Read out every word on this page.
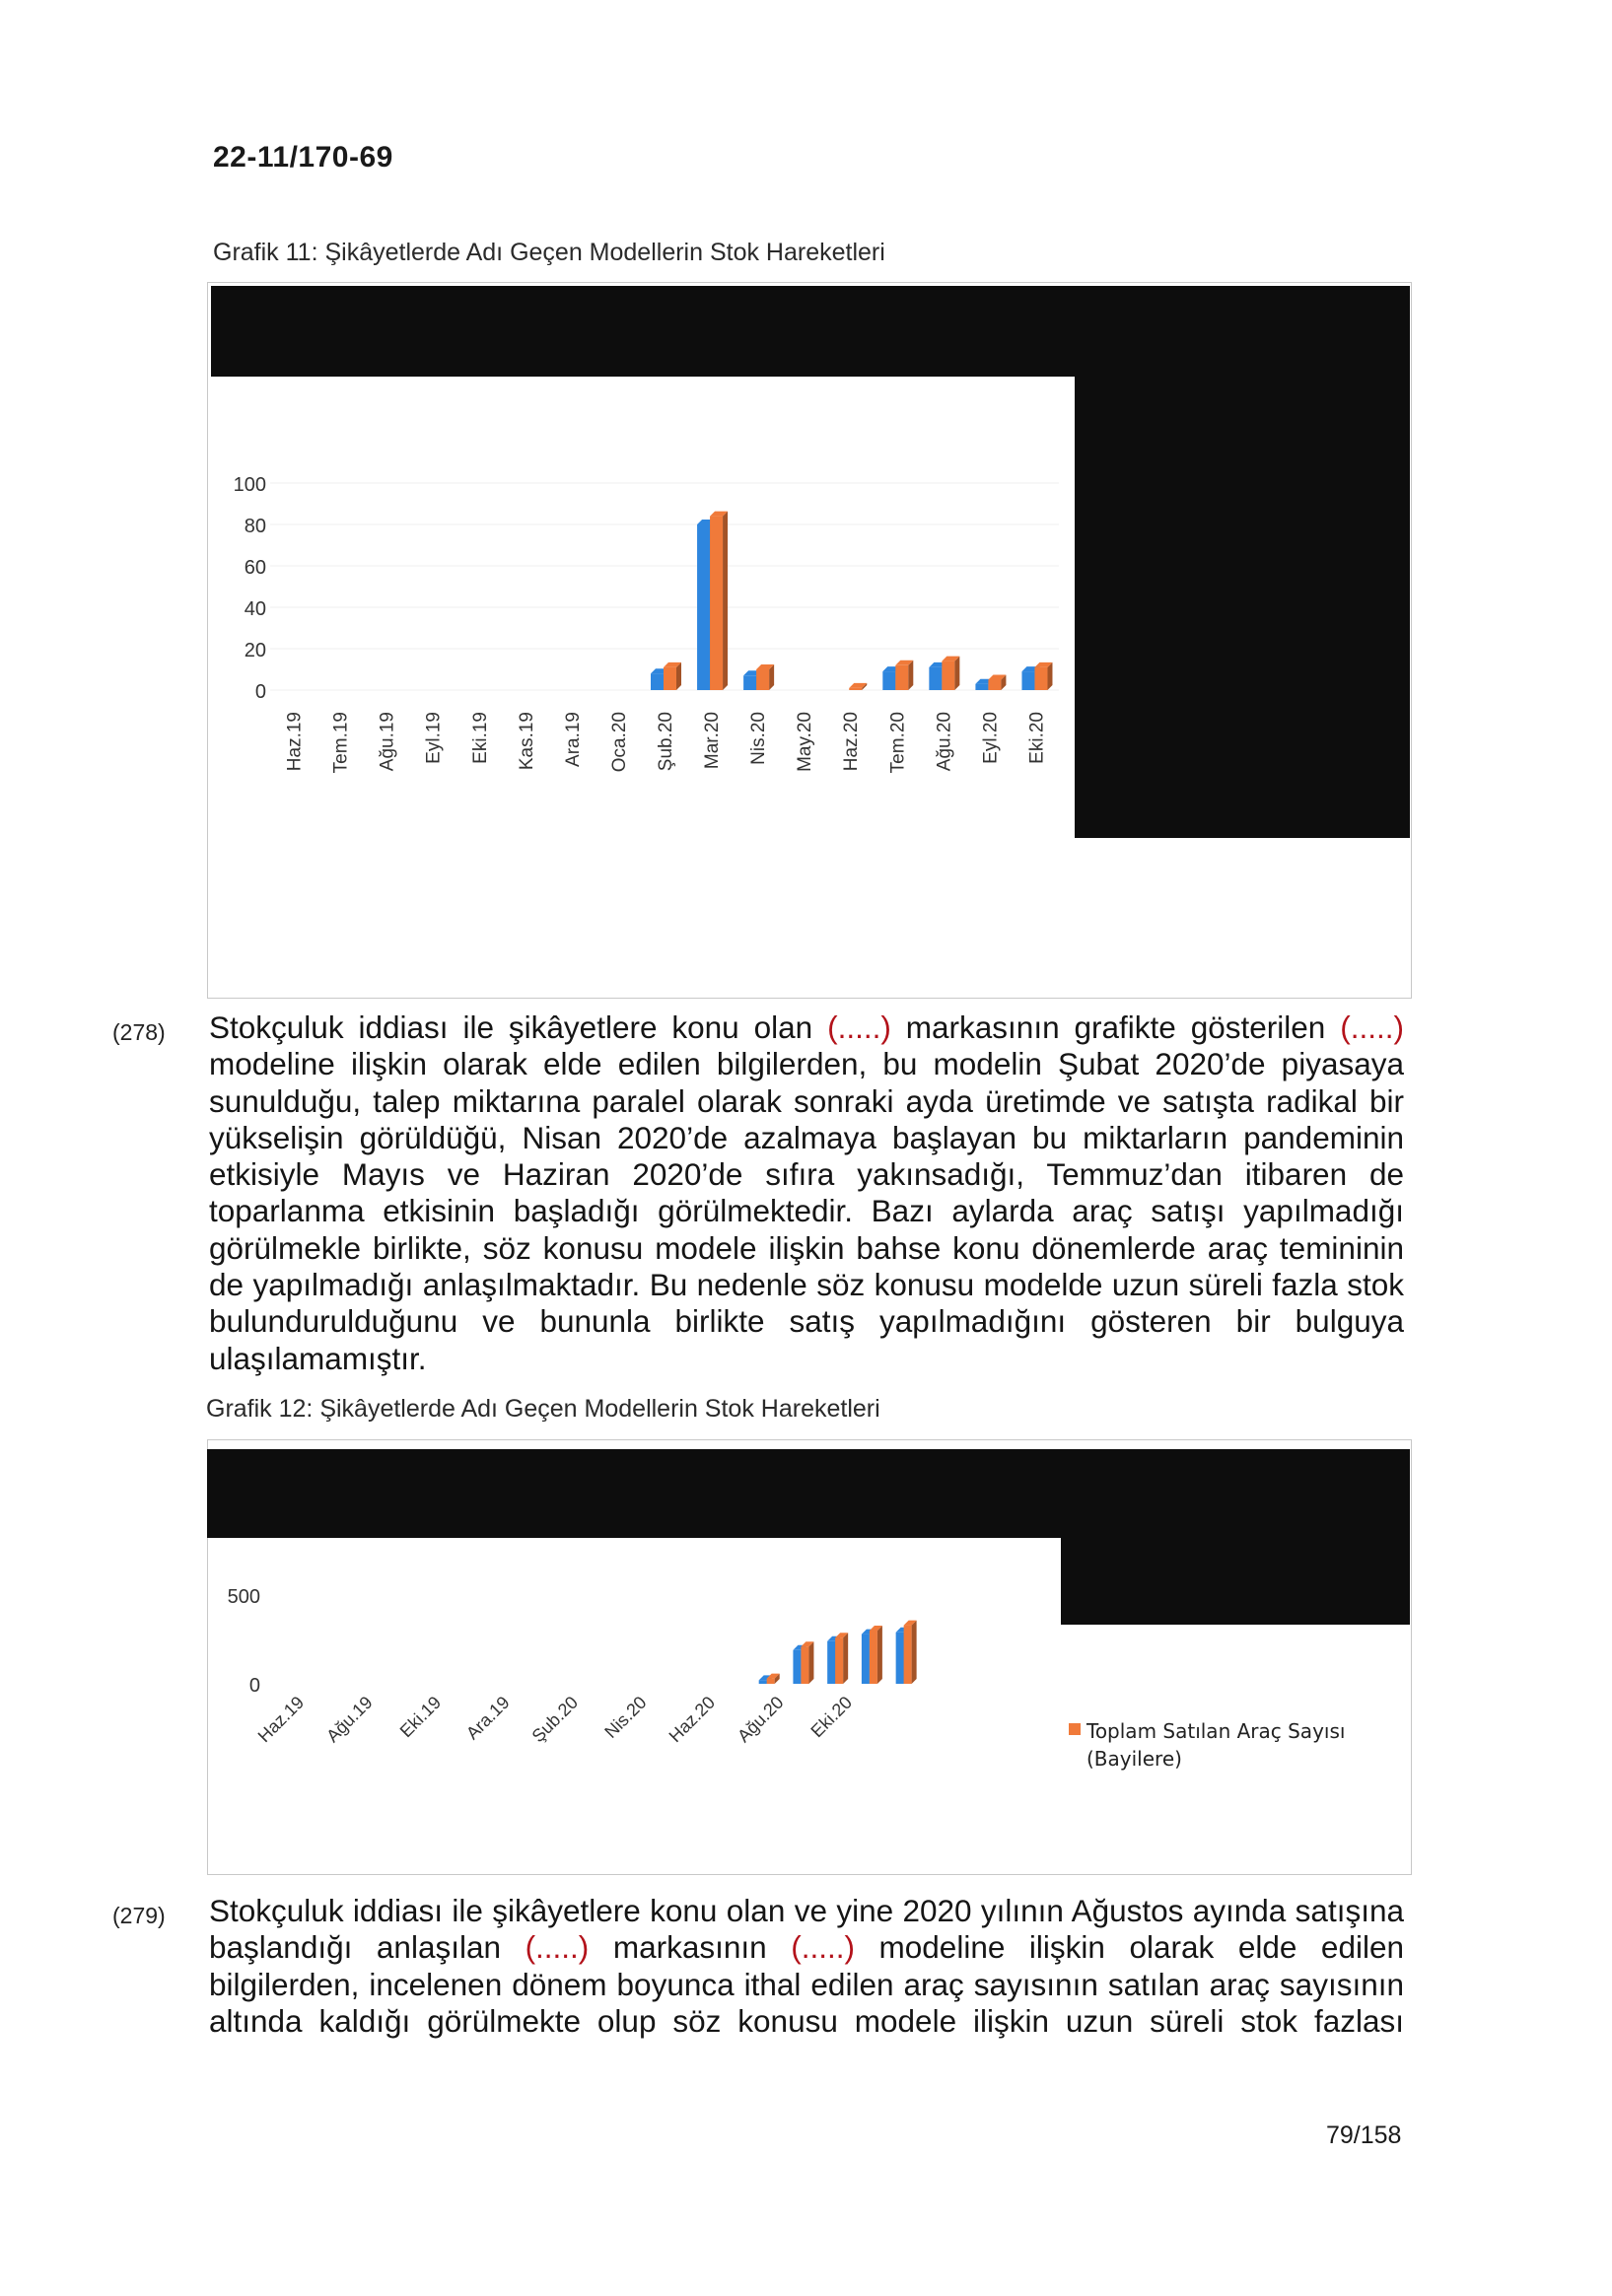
22-11/170-69
Grafik 11: Şikâyetlerde Adı Geçen Modellerin Stok Hareketleri
100
80
60
40
20
0
Haz.19 Tem.19 Ağu.19 Eyl.19 Eki.19 Kas.19 Ara.19 Oca.20 Şub.20 Mar.20 Nis.20 May.20 Haz.20 Tem.20 Ağu.20 Eyl.20 Eki.20
(278) Stokçuluk iddiası ile şikâyetlere konu olan (.....) markasının grafikte gösterilen (.....) modeline ilişkin olarak elde edilen bilgilerden, bu modelin Şubat 2020’de piyasaya sunulduğu, talep miktarına paralel olarak sonraki ayda üretimde ve satışta radikal bir yükselişin görüldüğü, Nisan 2020’de azalmaya başlayan bu miktarların pandeminin etkisiyle Mayıs ve Haziran 2020’de sıfıra yakınsadığı, Temmuz’dan itibaren de toparlanma etkisinin başladığı görülmektedir. Bazı aylarda araç satışı yapılmadığı görülmekle birlikte, söz konusu modele ilişkin bahse konu dönemlerde araç temininin de yapılmadığı anlaşılmaktadır. Bu nedenle söz konusu modelde uzun süreli fazla stok bulundurulduğunu ve bununla birlikte satış yapılmadığını gösteren bir bulguya ulaşılamamıştır.
Grafik 12: Şikâyetlerde Adı Geçen Modellerin Stok Hareketleri
500
0
Haz.19 Ağu.19 Eki.19 Ara.19 Şub.20 Nis.20 Haz.20 Ağu.20 Eki.20	Toplam Satılan Araç Sayısı
(Bayilere)
(279) Stokçuluk iddiası ile şikâyetlere konu olan ve yine 2020 yılının Ağustos ayında satışına
başlandığı anlaşılan (.....) markasının (.....) modeline ilişkin olarak elde edilen
bilgilerden, incelenen dönem boyunca ithal edilen araç sayısının satılan araç sayısının
altında kaldığı görülmekte olup söz konusu modele ilişkin uzun süreli stok fazlası
79/158
